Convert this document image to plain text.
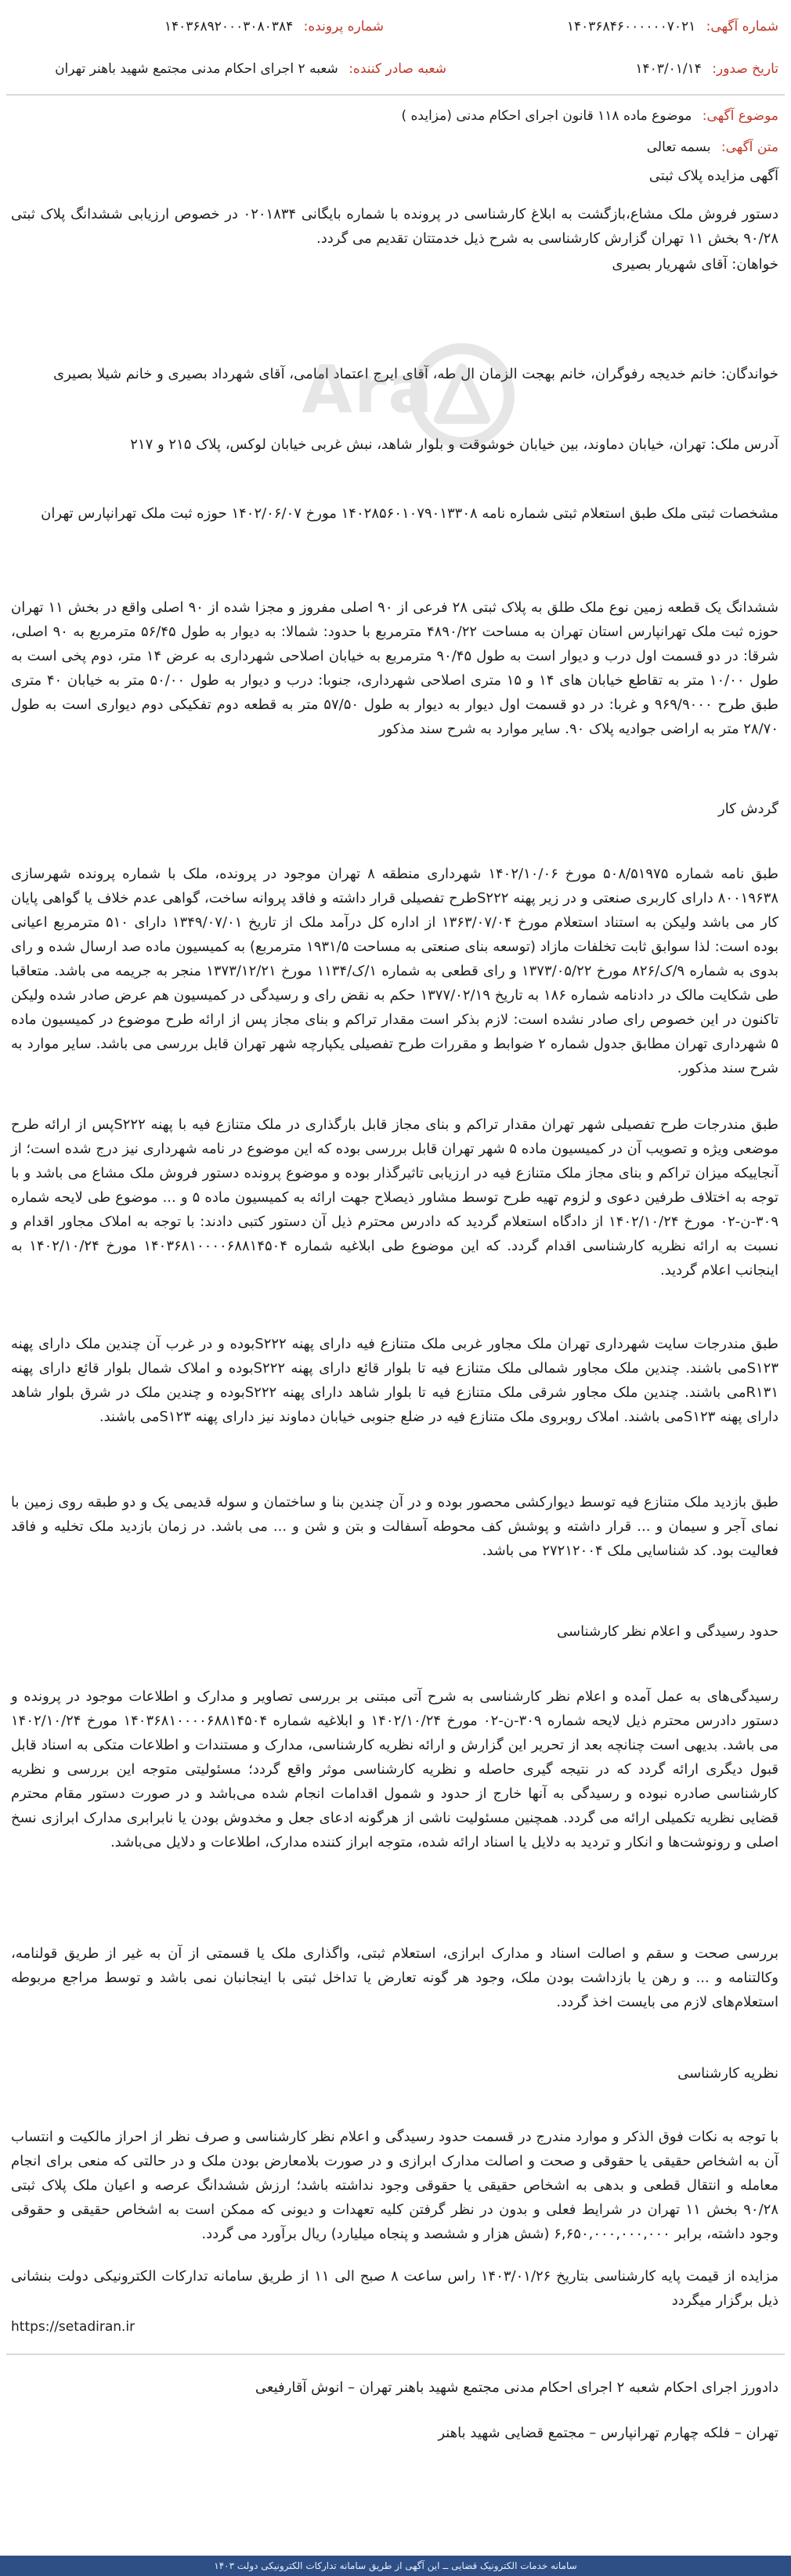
شماره آگهی: ۱۴۰۳۶۸۴۶۰۰۰۰۰۰۷۰۲۱
شماره پرونده: ۱۴۰۳۶۸۹۲۰۰۰۳۰۸۰۳۸۴
تاریخ صدور: ۱۴۰۳/۰۱/۱۴
شعبه صادر کننده: شعبه ۲ اجرای احکام مدنی مجتمع شهید باهنر تهران
موضوع آگهی: موضوع ماده ۱۱۸ قانون اجرای احکام مدنی (مزایده )
متن آگهی: بسمه تعالی
آگهی مزایده پلاک ثبتی
دستور فروش ملک مشاع،بازگشت به ابلاغ کارشناسی در پرونده با شماره بایگانی ۰۲۰۱۸۳۴ در خصوص ارزیابی ششدانگ پلاک ثبتی ۹۰/۲۸ بخش ۱۱ تهران گزارش کارشناسی به شرح ذیل خدمتتان تقدیم می گردد.
خواهان: آقای شهریار بصیری
خواندگان: خانم خدیجه رفوگران، خانم بهجت الزمان ال طه، آقای ایرج اعتماد امامی، آقای شهرداد بصیری و خانم شیلا بصیری
Ara
آدرس ملک: تهران، خیابان دماوند، بین خیابان خوشوقت و بلوار شاهد، نبش غربی خیابان لوکس، پلاک ۲۱۵ و ۲۱۷
مشخصات ثبتی ملک طبق استعلام ثبتی شماره نامه ۱۴۰۲۸۵۶۰۱۰۷۹۰۱۳۳۰۸ مورخ ۱۴۰۲/۰۶/۰۷ حوزه ثبت ملک تهرانپارس تهران
ششدانگ یک قطعه زمین نوع ملک طلق به پلاک ثبتی ۲۸ فرعی از ۹۰ اصلی مفروز و مجزا شده از ۹۰ اصلی واقع در بخش ۱۱ تهران حوزه ثبت ملک تهرانپارس استان تهران به مساحت ۴۸۹۰/۲۲ مترمربع با حدود: شمالا: به دیوار به طول ۵۶/۴۵ مترمربع به ۹۰ اصلی، شرقا: در دو قسمت اول درب و دیوار است به طول ۹۰/۴۵ مترمربع به خیابان اصلاحی شهرداری به عرض ۱۴ متر، دوم پخی است به طول ۱۰/۰۰ متر به تقاطع خیابان های ۱۴ و ۱۵ متری اصلاحی شهرداری، جنوبا: درب و دیوار به طول ۵۰/۰۰ متر به خیابان ۴۰ متری طبق طرح ۹۶۹/۹۰۰۰ و غربا: در دو قسمت اول دیوار به دیوار به طول ۵۷/۵۰ متر به قطعه دوم تفکیکی دوم دیواری است به طول ۲۸/۷۰ متر به اراضی جوادیه پلاک ۹۰. سایر موارد به شرح سند مذکور
گردش کار
طبق نامه شماره ۵۰۸/۵۱۹۷۵ مورخ ۱۴۰۲/۱۰/۰۶ شهرداری منطقه ۸ تهران موجود در پرونده، ملک با شماره پرونده شهرسازی ۸۰۰۱۹۶۳۸ دارای کاربری صنعتی و در زیر پهنه S۲۲۲طرح تفصیلی قرار داشته و فاقد پروانه ساخت، گواهی عدم خلاف یا گواهی پایان کار می باشد ولیکن به استناد استعلام مورخ ۱۳۶۳/۰۷/۰۴ از اداره کل درآمد ملک از تاریخ ۱۳۴۹/۰۷/۰۱ دارای ۵۱۰ مترمربع اعیانی بوده است: لذا سوابق ثابت تخلفات مازاد (توسعه بنای صنعتی به مساحت ۱۹۳۱/۵ مترمربع) به کمیسیون ماده صد ارسال شده و رای بدوی به شماره ۹/ک/۸۲۶ مورخ ۱۳۷۳/۰۵/۲۲ و رای قطعی به شماره ۱/ک/۱۱۳۴ مورخ ۱۳۷۳/۱۲/۲۱ منجر به جریمه می باشد. متعاقبا طی شکایت مالک در دادنامه شماره ۱۸۶ به تاریخ ۱۳۷۷/۰۲/۱۹ حکم به نقض رای و رسیدگی در کمیسیون هم عرض صادر شده ولیکن تاکنون در این خصوص رای صادر نشده است: لازم بذکر است مقدار تراکم و بنای مجاز پس از ارائه طرح موضوع در کمیسیون ماده ۵ شهرداری تهران مطابق جدول شماره ۲ ضوابط و مقررات طرح تفصیلی یکپارچه شهر تهران قابل بررسی می باشد. سایر موارد به شرح سند مذکور.
طبق مندرجات طرح تفصیلی شهر تهران مقدار تراکم و بنای مجاز قابل بارگذاری در ملک متنازع فیه با پهنه S۲۲۲پس از ارائه طرح موضعی ویژه و تصویب آن در کمیسیون ماده ۵ شهر تهران قابل بررسی بوده که این موضوع در نامه شهرداری نیز درج شده است؛ از آنجاییکه میزان تراکم و بنای مجاز ملک متنازع فیه در ارزیابی تاثیرگذار بوده و موضوع پرونده دستور فروش ملک مشاع می باشد و با توجه به اختلاف طرفین دعوی و لزوم تهیه طرح توسط مشاور ذیصلاح جهت ارائه به کمیسیون ماده ۵ و ... موضوع طی لایحه شماره ۳۰۹-ن-۰۲ مورخ ۱۴۰۲/۱۰/۲۴ از دادگاه استعلام گردید که دادرس محترم ذیل آن دستور کتبی دادند: با توجه به املاک مجاور اقدام و نسبت به ارائه نظریه کارشناسی اقدام گردد. که این موضوع طی ابلاغیه شماره ۱۴۰۳۶۸۱۰۰۰۰۶۸۸۱۴۵۰۴ مورخ ۱۴۰۲/۱۰/۲۴ به اینجانب اعلام گردید.
طبق مندرجات سایت شهرداری تهران ملک مجاور غربی ملک متنازع فیه دارای پهنه S۲۲۲بوده و در غرب آن چندین ملک دارای پهنه S۱۲۳می باشند. چندین ملک مجاور شمالی ملک متنازع فیه تا بلوار قائع دارای پهنه S۲۲۲بوده و املاک شمال بلوار قائع دارای پهنه R۱۳۱می باشند. چندین ملک مجاور شرقی ملک متنازع فیه تا بلوار شاهد دارای پهنه S۲۲۲بوده و چندین ملک در شرق بلوار شاهد دارای پهنه S۱۲۳می باشند. املاک روبروی ملک متنازع فیه در ضلع جنوبی خیابان دماوند نیز دارای پهنه S۱۲۳می باشند.
طبق بازدید ملک متنازع فیه توسط دیوارکشی محصور بوده و در آن چندین بنا و ساختمان و سوله قدیمی یک و دو طبقه روی زمین با نمای آجر و سیمان و ... قرار داشته و پوشش کف محوطه آسفالت و بتن و شن و ... می باشد. در زمان بازدید ملک تخلیه و فاقد فعالیت بود. کد شناسایی ملک ۲۷۲۱۲۰۰۴ می باشد.
حدود رسیدگی و اعلام نظر کارشناسی
رسیدگی‌های به عمل آمده و اعلام نظر کارشناسی به شرح آتی مبتنی بر بررسی تصاویر و مدارک و اطلاعات موجود در پرونده و دستور دادرس محترم ذیل لایحه شماره ۳۰۹-ن-۰۲ مورخ ۱۴۰۲/۱۰/۲۴ و ابلاغیه شماره ۱۴۰۳۶۸۱۰۰۰۰۶۸۸۱۴۵۰۴ مورخ ۱۴۰۲/۱۰/۲۴ می باشد. بدیهی است چنانچه بعد از تحریر این گزارش و ارائه نظریه کارشناسی، مدارک و مستندات و اطلاعات متکی به اسناد قابل قبول دیگری ارائه گردد که در نتیجه گیری حاصله و نظریه کارشناسی موثر واقع گردد؛ مسئولیتی متوجه این بررسی و نظریه کارشناسی صادره نبوده و رسیدگی به آنها خارج از حدود و شمول اقدامات انجام شده می‌باشد و در صورت دستور مقام محترم قضایی نظریه تکمیلی ارائه می گردد. همچنین مسئولیت ناشی از هرگونه ادعای جعل و مخدوش بودن یا نابرابری مدارک ابرازی نسخ اصلی و رونوشت‌ها و انکار و تردید به دلایل یا اسناد ارائه شده، متوجه ابراز کننده مدارک، اطلاعات و دلایل می‌باشد.
بررسی صحت و سقم و اصالت اسناد و مدارک ابرازی، استعلام ثبتی، واگذاری ملک یا قسمتی از آن به غیر از طریق قولنامه، وکالتنامه و ... و رهن یا بازداشت بودن ملک، وجود هر گونه تعارض یا تداخل ثبتی با اینجانبان نمی باشد و توسط مراجع مربوطه استعلام‌های لازم می بایست اخذ گردد.
نظریه کارشناسی
با توجه به نکات فوق الذکر و موارد مندرج در قسمت حدود رسیدگی و اعلام نظر کارشناسی و صرف نظر از احراز مالکیت و انتساب آن به اشخاص حقیقی یا حقوقی و صحت و اصالت مدارک ابرازی و در صورت بلامعارض بودن ملک و در حالتی که منعی برای انجام معامله و انتقال قطعی و بدهی به اشخاص حقیقی یا حقوقی وجود نداشته باشد؛ ارزش ششدانگ عرصه و اعیان ملک پلاک ثبتی ۹۰/۲۸ بخش ۱۱ تهران در شرایط فعلی و بدون در نظر گرفتن کلیه تعهدات و دیونی که ممکن است به اشخاص حقیقی و حقوقی وجود داشته، برابر ۶,۶۵۰,۰۰۰,۰۰۰,۰۰۰ (شش هزار و ششصد و پنجاه میلیارد) ریال برآورد می گردد.
مزایده از قیمت پایه کارشناسی بتاریخ ۱۴۰۳/۰۱/۲۶ راس ساعت ۸ صبح الی ۱۱ از طریق سامانه تدارکات الکترونیکی دولت بنشانی ذیل برگزار میگردد
https://setadiran.ir
دادورز اجرای احکام شعبه ۲ اجرای احکام مدنی مجتمع شهید باهنر تهران – انوش آقارفیعی
تهران – فلکه چهارم تهرانپارس – مجتمع قضایی شهید باهنر
سامانه خدمات الکترونیک قضایی ــ این آگهی از طریق سامانه تدارکات الکترونیکی دولت ۱۴۰۳
